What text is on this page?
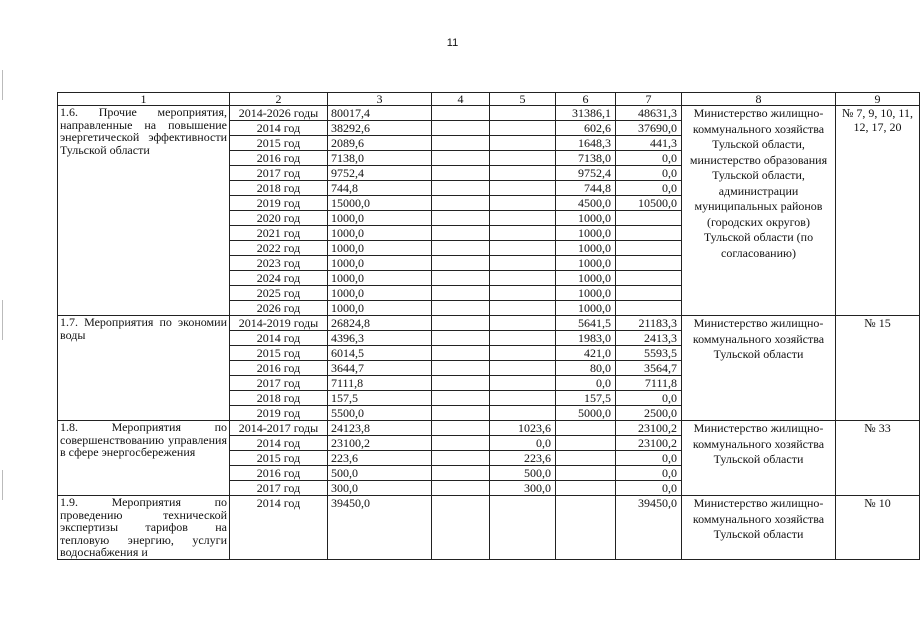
11
1	2	3	4	5	6	7	8	9
1.6. Прочие мероприятия, направленные на повышение энергетической эффективности Тульской области	2014-2026 годы	80017,4			31386,1	48631,3	Министерство жилищно-коммунального хозяйства Тульской области, министерство образования Тульской области, администрации муниципальных районов (городских округов) Тульской области (по согласованию)	№ 7, 9, 10, 11, 12, 17, 20
	2014 год	38292,6			602,6	37690,0		
	2015 год	2089,6			1648,3	441,3		
	2016 год	7138,0			7138,0	0,0		
	2017 год	9752,4			9752,4	0,0		
	2018 год	744,8			744,8	0,0		
	2019 год	15000,0			4500,0	10500,0		
	2020 год	1000,0			1000,0			
	2021 год	1000,0			1000,0			
	2022 год	1000,0			1000,0			
	2023 год	1000,0			1000,0			
	2024 год	1000,0			1000,0			
	2025 год	1000,0			1000,0			
	2026 год	1000,0			1000,0			
1.7. Мероприятия по экономии воды	2014-2019 годы	26824,8			5641,5	21183,3	Министерство жилищно-коммунального хозяйства Тульской области	№ 15
	2014 год	4396,3			1983,0	2413,3		
	2015 год	6014,5			421,0	5593,5		
	2016 год	3644,7			80,0	3564,7		
	2017 год	7111,8			0,0	7111,8		
	2018 год	157,5			157,5	0,0		
	2019 год	5500,0			5000,0	2500,0		
1.8. Мероприятия по совершенствованию управления в сфере энергосбережения	2014-2017 годы	24123,8		1023,6		23100,2	Министерство жилищно-коммунального хозяйства Тульской области	№ 33
	2014 год	23100,2		0,0		23100,2		
	2015 год	223,6		223,6		0,0		
	2016 год	500,0		500,0		0,0		
	2017 год	300,0		300,0		0,0		
1.9. Мероприятия по проведению технической экспертизы тарифов на тепловую энергию, услуги водоснабжения и	2014 год	39450,0				39450,0	Министерство жилищно-коммунального хозяйства Тульской области	№ 10
